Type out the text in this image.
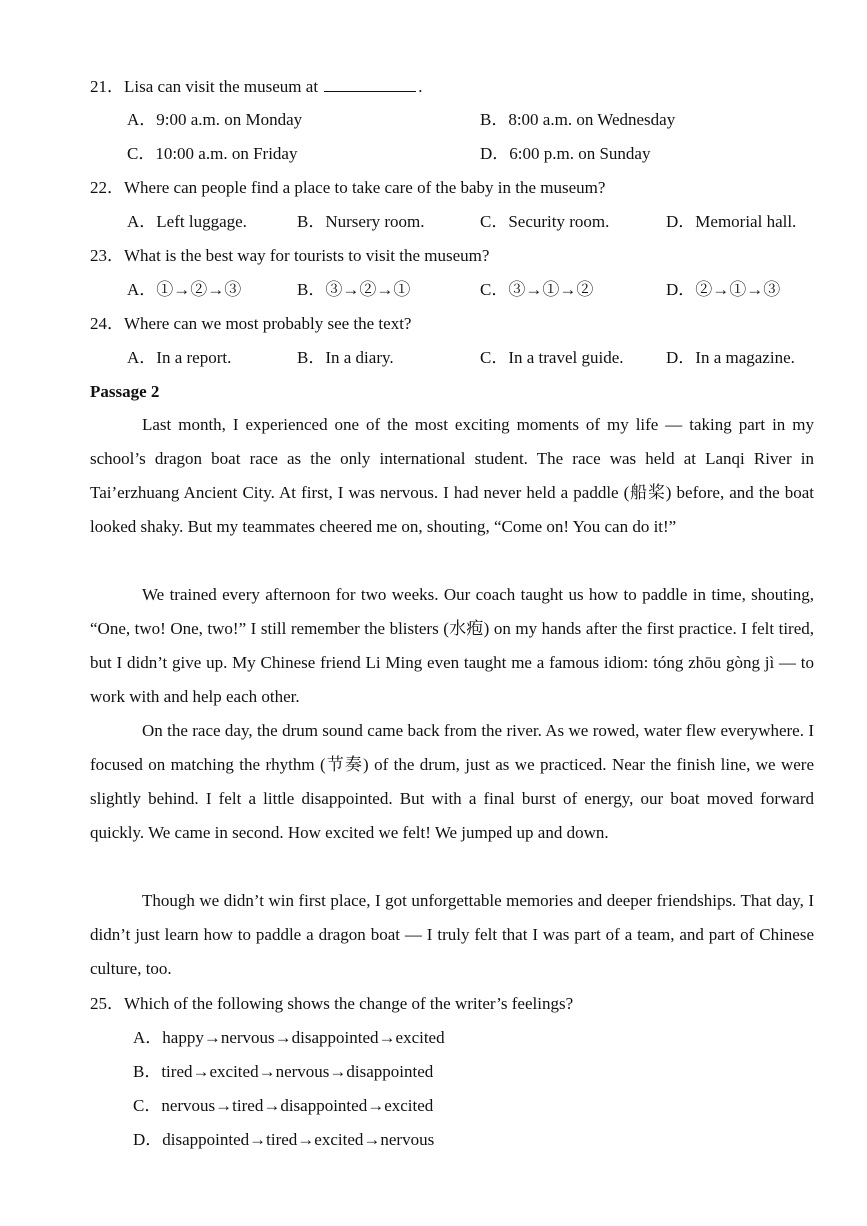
21．Lisa can visit the museum at	.
A．9:00 a.m. on Monday	B．8:00 a.m. on Wednesday
C．10:00 a.m. on Friday	D．6:00 p.m. on Sunday
22．Where can people find a place to take care of the baby in the museum?
A．Left luggage.	B．Nursery room.	C．Security room.	D．Memorial hall.
23．What is the best way for tourists to visit the museum?
A．①→②→③	B．③→②→①	C．③→①→②	D．②→①→③
24．Where can we most probably see the text?
A．In a report.	B．In a diary.	C．In a travel guide. D．In a magazine.
Passage 2
Last month, I experienced one of the most exciting moments of my life — taking part in my school’s dragon boat race as the only international student. The race was held at Lanqi River in Tai’erzhuang Ancient City. At first, I was nervous. I had never held a paddle (船桨) before, and the boat looked shaky. But my teammates cheered me on, shouting, “Come on! You can do it!”
We trained every afternoon for two weeks. Our coach taught us how to paddle in time, shouting, “One, two! One, two!” I still remember the blisters (水疱) on my hands after the first practice. I felt tired, but I didn’t give up. My Chinese friend Li Ming even taught me a famous idiom: tóng zhōu gòng jì — to work with and help each other.
On the race day, the drum sound came back from the river. As we rowed, water flew everywhere. I focused on matching the rhythm (节奏) of the drum, just as we practiced. Near the finish line, we were slightly behind. I felt a little disappointed. But with a final burst of energy, our boat moved forward quickly. We came in second. How excited we felt! We jumped up and down.
Though we didn’t win first place, I got unforgettable memories and deeper friendships. That day, I didn’t just learn how to paddle a dragon boat — I truly felt that I was part of a team, and part of Chinese culture, too.
25．Which of the following shows the change of the writer’s feelings?
A．happy→nervous→disappointed→excited
B．tired→excited→nervous→disappointed
C．nervous→tired→disappointed→excited
D．disappointed→tired→excited→nervous
